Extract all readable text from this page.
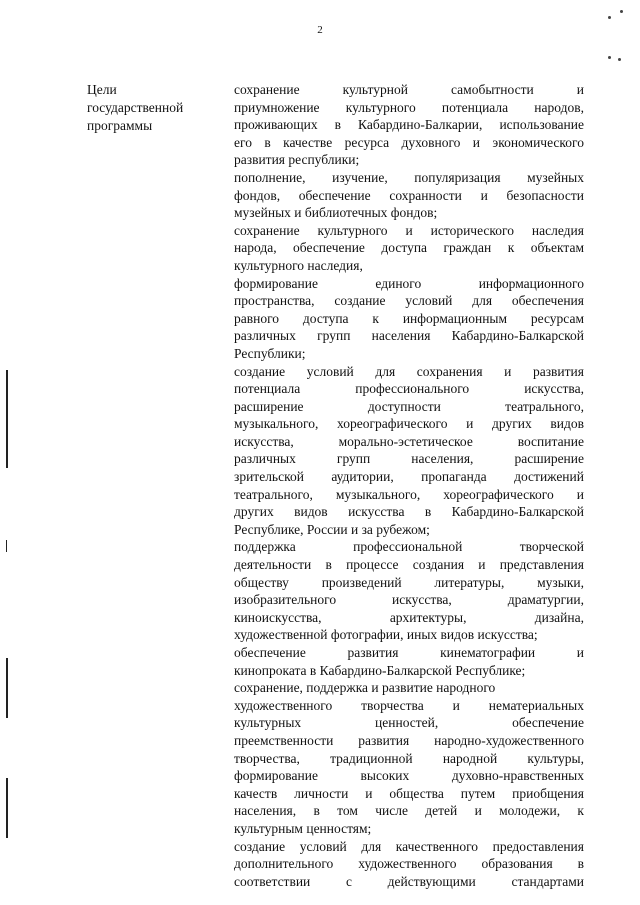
2
Цели
государственной
программы
сохранение культурной самобытности и
приумножение культурного потенциала народов,
проживающих в Кабардино-Балкарии, использование
его в качестве ресурса духовного и экономического
развития республики;
пополнение, изучение, популяризация музейных
фондов, обеспечение сохранности и безопасности
музейных и библиотечных фондов;
сохранение культурного и исторического наследия
народа, обеспечение доступа граждан к объектам
культурного наследия,
формирование единого информационного
пространства, создание условий для обеспечения
равного доступа к информационным ресурсам
различных групп населения Кабардино-Балкарской
Республики;
создание условий для сохранения и развития
потенциала профессионального искусства,
расширение доступности театрального,
музыкального, хореографического и других видов
искусства, морально-эстетическое воспитание
различных групп населения, расширение
зрительской аудитории, пропаганда достижений
театрального, музыкального, хореографического и
других видов искусства в Кабардино-Балкарской
Республике, России и за рубежом;
поддержка профессиональной творческой
деятельности в процессе создания и представления
обществу произведений литературы, музыки,
изобразительного искусства, драматургии,
киноискусства, архитектуры, дизайна,
художественной фотографии, иных видов искусства;
обеспечение развития кинематографии и
кинопроката в Кабардино-Балкарской Республике;
сохранение, поддержка и развитие народного
художественного творчества и нематериальных
культурных ценностей, обеспечение
преемственности развития народно-художественного
творчества, традиционной народной культуры,
формирование высоких духовно-нравственных
качеств личности и общества путем приобщения
населения, в том числе детей и молодежи, к
культурным ценностям;
создание условий для качественного предоставления
дополнительного художественного образования в
соответствии с действующими стандартами
